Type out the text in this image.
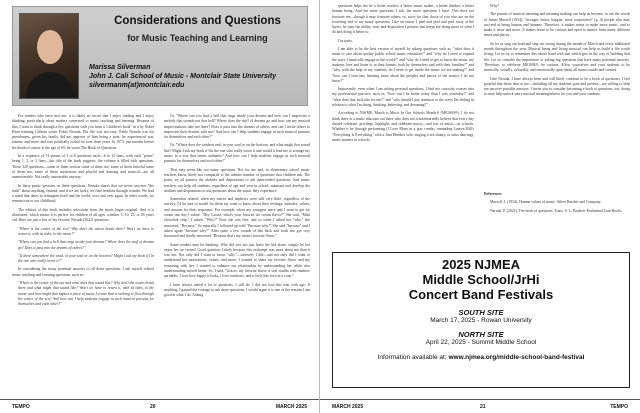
Considerations and Questions
for Music Teaching and Learning
Marissa Silverman
John J. Cali School of Music - Montclair State University
silvermanm(at)montclair.edu

For readers who have met me, it is likely no secret that I enjoy reading and I enjoy thinking, particularly about matters connected to music teaching and learning. Because of this, I want to think through a few questions with you from a "children's book" in it by Nobel Prize-winning Chilean writer Pablo Neruda. His life was not easy. Pablo Neruda was his pseudonym, given his family did not approve of him being a poet; he experienced war, famine, and more, and was politically exiled for over three years. In 1973, just months before his death of cancer at the age of 69, he wrote The Book of Questions.

In a sequence of 74 poems of 3 to 6 questions each—6 to 12 lines, with each "poem" being 1, 2, or 3 lines—the title of the book suggests, the volume is filled with questions. These 320 questions—some of them serious some of them not; some of them fanciful some of them not; some of them mysterious and playful and dancing and musical—are all unanswerable. Not really answerable anyway.

In these poetic gestures, in these questions, Neruda shares that we never uncover "the truth" about anything. Instead, and if we are lucky, we find freedom through wonder. We find a mind that dares to reimagine itself and the world, over and over again. In other words, we remain true to our childhood.

The edition of this book includes selections from the much larger original. And it is illustrated, which means it is perfect for children of all ages, whether 5, 10, 25, or 85 years old. Here are just a few of my favorite Neruda (2022) questions:

"Where is the center of the sea? Why don't the waves break there? Won't we have to return it, with its tides, to the moon?"

"Where can you find a bell that rings inside your dreams? Where does the stuff of dreams go? Does it pass into the dreams of others?"

"Is there somewhere the wind, in your soul or on the horizon? Might I ask my book if I'm the one who really wrote it?"

In considering the many potential answers to all these questions, I ask myself related music teaching and learning questions, such as:

"Where is the center of the sea and what does that sound like? Why don't the waves break there and what might that sound like? Won't we have to return it, with its tides, to the moon, and how might that impact a piece of music I create that is seeking to flow through the center of the sea? And how can I help students engage in such musical pursuits for themselves and each other?"

Or, "Where can you find a bell that rings inside your dreams and how can I improvise a melody that sounds-out that bell? Where does the stuff of dreams go and how can my musical improvisations take me there? Does it pass into the dreams of others, and can I invite others to improvise their dreams with me? And how can I help students engage in such musical pursuits for themselves and each other?"

Or, "Where does the rainbow end, in your soul or on the horizon, and what might that sound like? Might I ask my book if I'm the one who really wrote it and would it lead me to arrange my music in a way that seems authentic? And how can I help students engage in such musical pursuits for themselves and each other?"

That may seem like too many questions. Not for me and, as elementary school music teachers know, likely not compared to the infinite number of questions that children ask. The point, we all possess the abilities and dispositions to ask open-ended questions. And music teachers can help all students, regardless of age and year in school, maintain and develop the abilities and dispositions to ask questions about the music they experience.

Somewhat related, when my nieces and nephews were still very little, regardless of the activity, I'd be sure to model for them my want to know about their feelings, attitudes, values, and reasons for their responses. For example, when my youngest niece and I went to get ice cream one day I asked: "Hey Gracie, what's your favorite ice cream flavor?" She said, "Mint chocolate chip." I asked, "Why?" Now she was five, and so when I asked her "why," she answered, "Because." So naturally I followed up with "Because why?" She said "because" and I asked again "because why?" After quite a few rounds of this back and forth she got very frustrated and finally answered "Because that's my mom's favorite flavor."

Some readers may be thinking: Why did you not just leave the kid alone, simply let her enjoy her ice cream? Good question. Likely because this exchange was more about me than it was her. Not only did I want to know "why"—sincerely I did—and not only did I want to understand her motivations, values, and more, I wanted to share my favorite flavor and my reasoning with her. I wanted to enhance our relationship by understanding her while also understanding myself better. So, I said, "Gracie, my favorite flavor is soft vanilla with rainbow sprinkles. I love how happy it looks, I love rainbows, and it feels like love in a cone."

I have always asked a lot of questions. I still do. I did not lose this trait with age. If anything, I gained the courage to ask more questions. I would argue it is one of the reasons I am good at what I do. Asking

TEMPO	20	MARCH 2025

questions helps me be a better teacher; a better music maker; a better thinker; a better human being. And the more questions I ask, the more questions I have. This does not frustrate me—though it may frustrate others; so, sorry for that, those of you who are on the receiving end of my many questions. Like an onion, I peel and peel and peel away at the layers. In sum, the ability, trait, and disposition I possess that keeps me doing more of what I do and doing it better is:

Curiosity.

I am able to be the best version of myself by asking questions such as, "what does it mean to care about quality public school music education?" and "why do I need to expand the ways I musically engage in the world?" and "why do I need to get to know the music my students love and listen to in their homes, both by themselves and with their families?" and "why, with the help of my students, do I need to get inside the music we are making?" and "how can I lean into learning more about the peoples and places of the musics I do not know?"

Importantly, even when I am asking personal questions, I find my curiosity crosses into my professional practice, such as, "how can I be better today than I was yesterday?" and "what does that look like for me?" and "why should I pay attention to the ways I'm feeling in relation to what I'm doing, thinking, believing, and dreaming?"

According to NAfME, March is Music In Our Schools Month® (MIOSM®). I do not think there is a music educator out there who does not wholeheartedly believe that every day should celebrate, privilege, highlight, and celebrate music—and lots of music—in schools. Whether it be through performing (I Love Blues in a jazz combo, reminding Lauryn Hill's "Everything Is Everything" with a Jimi Hendrix solo, singing a sea shanty, or salsa dancing), music matters in schools.

Why?

The pursuit of musical meaning and meaning making can help us become, to use the words of James Mursell (1934), "stronger, better, happier, more cooperative" (p. 4) people who may succeed at being human and humane. Therefore, it makes sense to make more music, and to make it more and more. It makes sense to be curious and open to musics from many different times and places.

So let us sing out loud and sing out strong during the month of March and every additional month throughout the year. Musical being and living musical can help us build a life worth living. Let us try to remember this above band with that which gets in the way of building that life. Let us consider the importance of asking big questions that have many potential answers. Therefore, to celebrate MIOSM®, be curious. Allow yourselves and your students to be musically, socially, culturally, and emotionally open about all musics made and created.

Like Neruda, I have always been and will likely continue to be a book of questions. I feel grateful that those dear to me—including all my students, past and present—are willing to help me uncover possible answers. I invite you to consider becoming a book of questions, too; doing so may help unlock more musical meaningfulness for you and your students.

References

Mursell, J. (1934). Human values of music. Silver Burdett and Company.

Neruda, P. (2022). The book of questions. Trans. S. L. Paulsen. Enchanted Lion Books.

2025 NJMEA
Middle School/JrHi
Concert Band Festivals
SOUTH SITE
March 17, 2025 - Rowan University
NORTH SITE
April 22, 2025 - Summit Middle School
Information available at: www.njmea.org/middle-school-band-festival
MARCH 2025	21	TEMPO
